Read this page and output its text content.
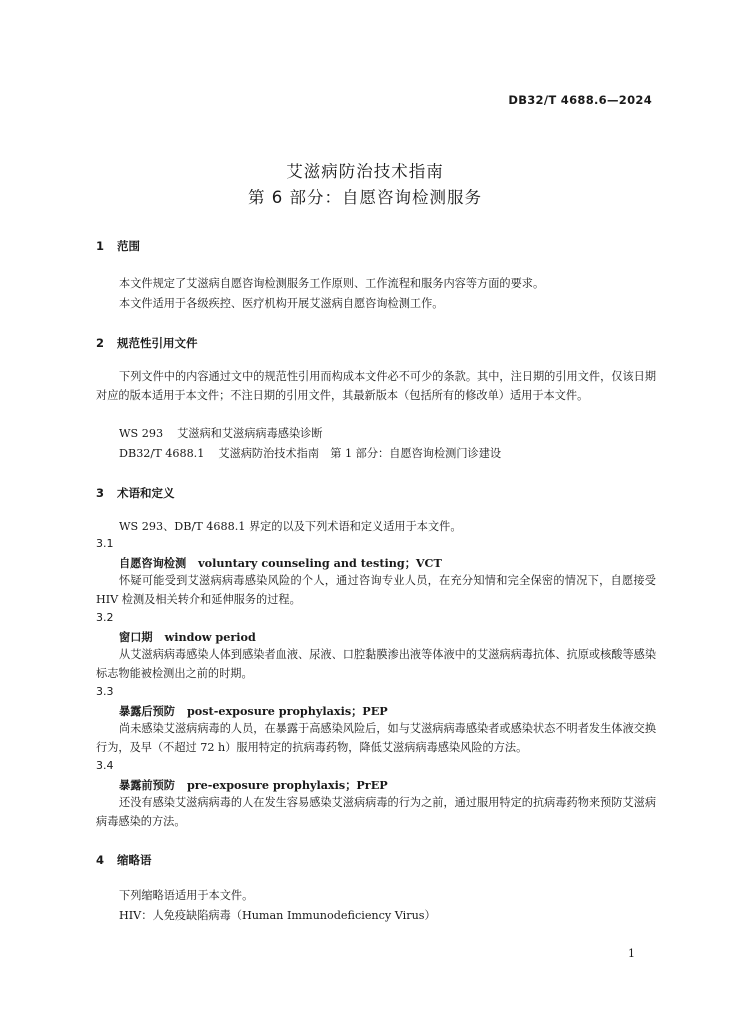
DB32/T 4688.6—2024
艾滋病防治技术指南
第 6 部分：自愿咨询检测服务
1 范围
本文件规定了艾滋病自愿咨询检测服务工作原则、工作流程和服务内容等方面的要求。
本文件适用于各级疾控、医疗机构开展艾滋病自愿咨询检测工作。
2 规范性引用文件
下列文件中的内容通过文中的规范性引用而构成本文件必不可少的条款。其中，注日期的引用文件，仅该日期对应的版本适用于本文件；不注日期的引用文件，其最新版本（包括所有的修改单）适用于本文件。
WS 293 艾滋病和艾滋病病毒感染诊断
DB32/T 4688.1 艾滋病防治技术指南　第 1 部分：自愿咨询检测门诊建设
3 术语和定义
WS 293、DB/T 4688.1 界定的以及下列术语和定义适用于本文件。
3.1
自愿咨询检测 voluntary counseling and testing；VCT
怀疑可能受到艾滋病病毒感染风险的个人，通过咨询专业人员，在充分知情和完全保密的情况下，自愿接受 HIV 检测及相关转介和延伸服务的过程。
3.2
窗口期 window period
从艾滋病病毒感染人体到感染者血液、尿液、口腔黏膜渗出液等体液中的艾滋病病毒抗体、抗原或核酸等感染标志物能被检测出之前的时期。
3.3
暴露后预防 post-exposure prophylaxis；PEP
尚未感染艾滋病病毒的人员，在暴露于高感染风险后，如与艾滋病病毒感染者或感染状态不明者发生体液交换行为，及早（不超过 72 h）服用特定的抗病毒药物，降低艾滋病病毒感染风险的方法。
3.4
暴露前预防 pre-exposure prophylaxis；PrEP
还没有感染艾滋病病毒的人在发生容易感染艾滋病病毒的行为之前，通过服用特定的抗病毒药物来预防艾滋病病毒感染的方法。
4 缩略语
下列缩略语适用于本文件。
HIV：人免疫缺陷病毒（Human Immunodeficiency Virus）
1
